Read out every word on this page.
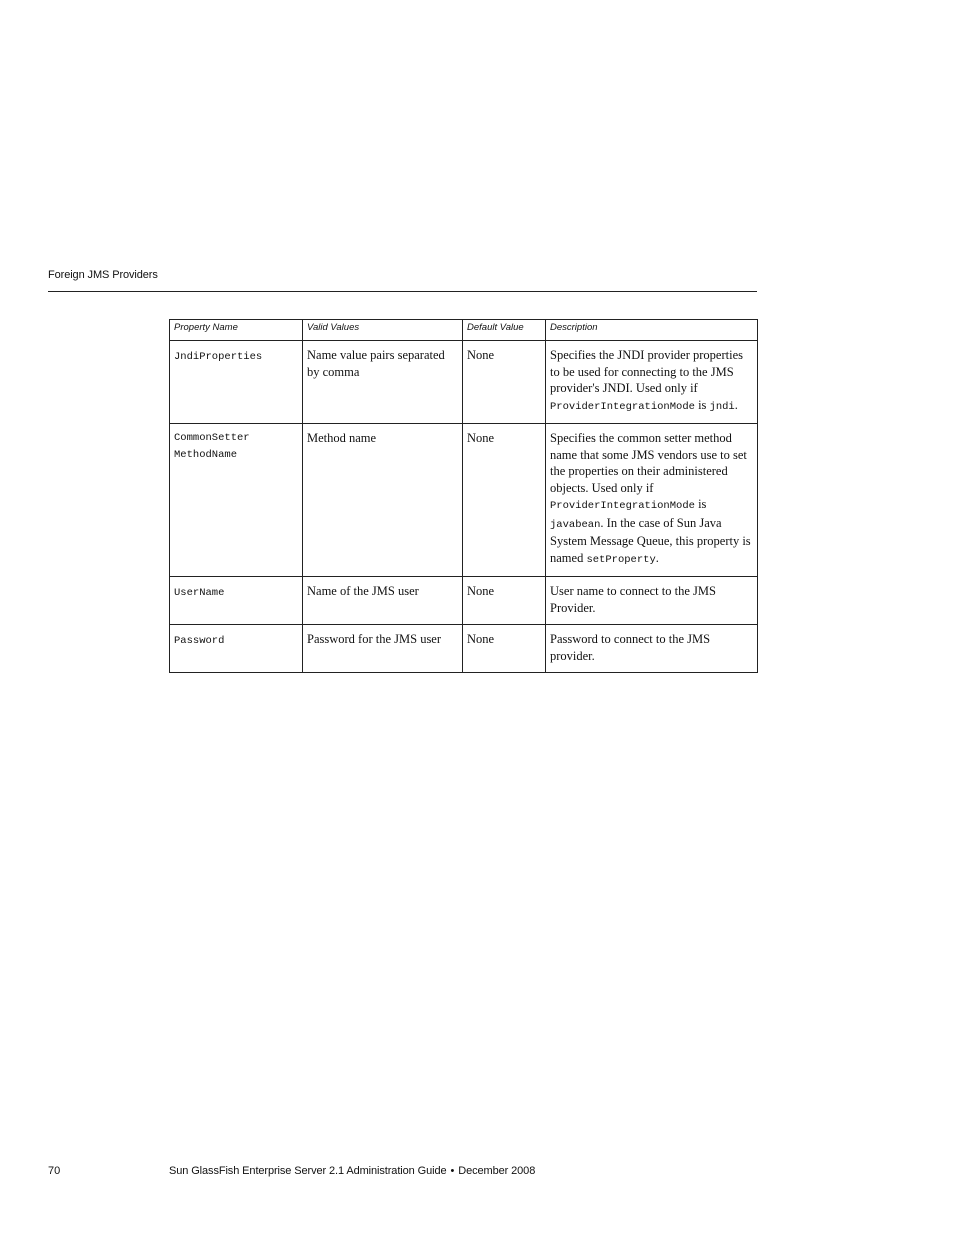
Foreign JMS Providers
Property Name	Valid Values	Default Value	Description
JndiProperties	Name value pairs separated by comma	None	Specifies the JNDI provider properties to be used for connecting to the JMS provider's JNDI. Used only if ProviderIntegrationMode is jndi.

CommonSetter
MethodName	Method name	None	Specifies the common setter method name that some JMS vendors use to set the properties on their administered objects. Used only if ProviderIntegrationMode is javabean. In the case of Sun Java System Message Queue, this property is named setProperty.
UserName	Name of the JMS user	None	User name to connect to the JMS Provider.
Password	Password for the JMS user	None	Password to connect to the JMS provider.
70	Sun GlassFish Enterprise Server 2.1 Administration Guide • December 2008
